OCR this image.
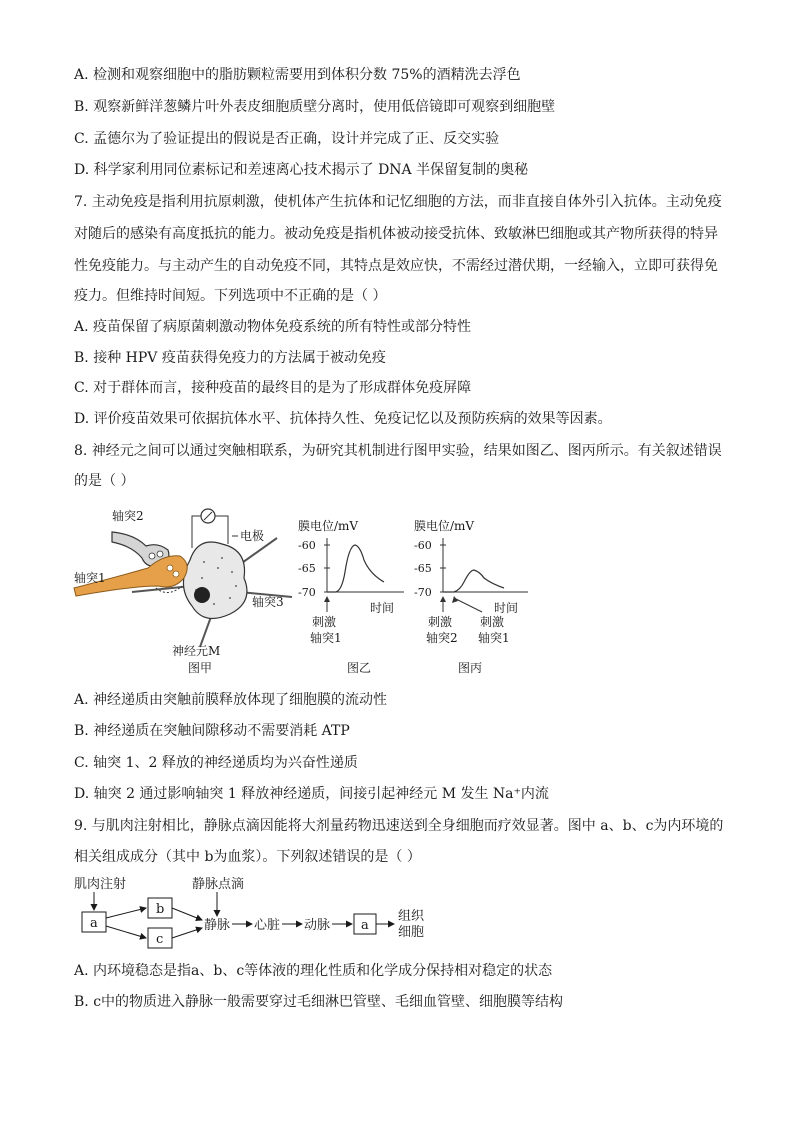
A. 检测和观察细胞中的脂肪颗粒需要用到体积分数 75%的酒精洗去浮色
B. 观察新鲜洋葱鳞片叶外表皮细胞质壁分离时，使用低倍镜即可观察到细胞壁
C. 孟德尔为了验证提出的假说是否正确，设计并完成了正、反交实验
D. 科学家利用同位素标记和差速离心技术揭示了 DNA 半保留复制的奥秘
7. 主动免疫是指利用抗原刺激，使机体产生抗体和记忆细胞的方法，而非直接自体外引入抗体。主动免疫
对随后的感染有高度抵抗的能力。被动免疫是指机体被动接受抗体、致敏淋巴细胞或其产物所获得的特异
性免疫能力。与主动产生的自动免疫不同，其特点是效应快，不需经过潜伏期，一经输入，立即可获得免
疫力。但维持时间短。下列选项中不正确的是（ ）
A. 疫苗保留了病原菌刺激动物体免疫系统的所有特性或部分特性
B. 接种 HPV 疫苗获得免疫力的方法属于被动免疫
C. 对于群体而言，接种疫苗的最终目的是为了形成群体免疫屏障
D. 评价疫苗效果可依据抗体水平、抗体持久性、免疫记忆以及预防疾病的效果等因素。
8. 神经元之间可以通过突触相联系，为研究其机制进行图甲实验，结果如图乙、图丙所示。有关叙述错误
的是（ ）
轴突2
轴突1
电极
轴突3
神经元M
图甲
膜电位/mV
-60
-65
-70
时间
刺激
轴突1
图乙
膜电位/mV
-60
-65
-70
时间
刺激
轴突2
刺激
轴突1
图丙
A. 神经递质由突触前膜释放体现了细胞膜的流动性
B. 神经递质在突触间隙移动不需要消耗 ATP
C. 轴突 1、2 释放的神经递质均为兴奋性递质
D. 轴突 2 通过影响轴突 1 释放神经递质，间接引起神经元 M 发生 Na⁺内流
9. 与肌肉注射相比，静脉点滴因能将大剂量药物迅速送到全身细胞而疗效显著。图中 a、b、c为内环境的
相关组成成分（其中 b为血浆）。下列叙述错误的是（ ）
肌肉注射	静脉点滴
a
b
c
静脉 心脏 动脉 a
组织
细胞
A. 内环境稳态是指a、b、c等体液的理化性质和化学成分保持相对稳定的状态
B. c中的物质进入静脉一般需要穿过毛细淋巴管壁、毛细血管壁、细胞膜等结构
